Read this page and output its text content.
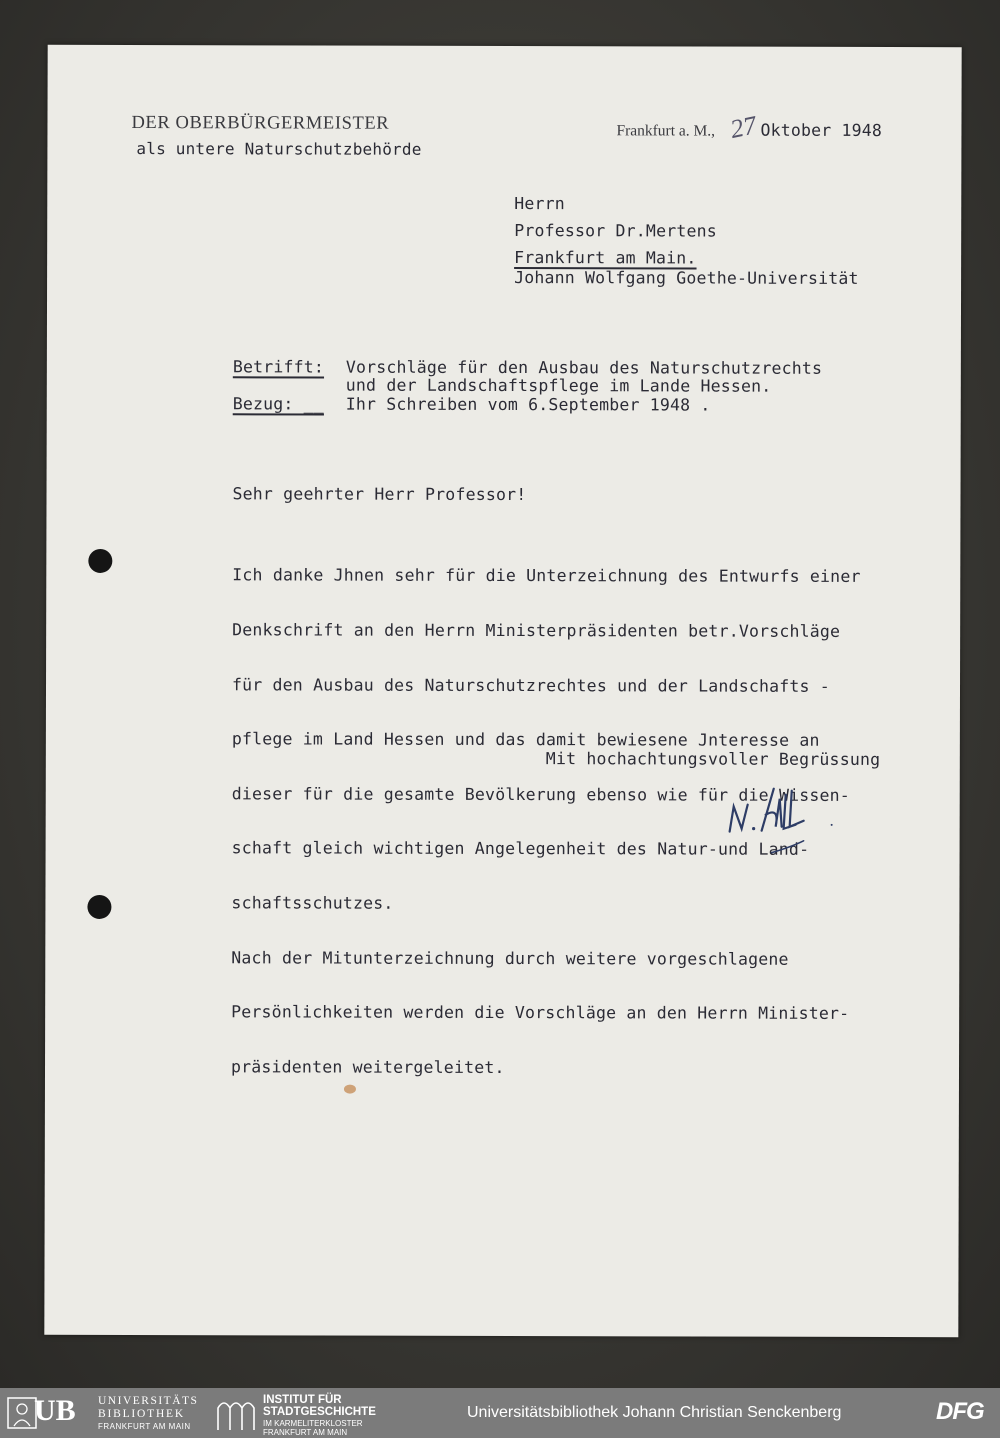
DER OBERBÜRGERMEISTER
als untere Naturschutzbehörde
Frankfurt a. M., 27 Oktober 1948
Herrn
Professor Dr.Mertens
Frankfurt am Main.
Johann Wolfgang Goethe-Universität
Betrifft: Vorschläge für den Ausbau des Naturschutzrechts
und der Landschaftspflege im Lande Hessen.
Bezug: __ Ihr Schreiben vom 6.September 1948 .
Sehr geehrter Herr Professor!

Ich danke Jhnen sehr für die Unterzeichnung des Entwurfs einer

Denkschrift an den Herrn Ministerpräsidenten betr.Vorschläge

für den Ausbau des Naturschutzrechtes und der Landschafts -

pflege im Land Hessen und das damit bewiesene Jnteresse an

dieser für die gesamte Bevölkerung ebenso wie für die Wissen-

schaft gleich wichtigen Angelegenheit des Natur-und Land-

schaftsschutzes.

Nach der Mitunterzeichnung durch weitere vorgeschlagene

Persönlichkeiten werden die Vorschläge an den Herrn Minister-

präsidenten weitergeleitet.

Mit hochachtungsvoller Begrüssung
UB UNIVERSITÄTS
BIBLIOTHEK
FRANKFURT AM MAIN
INSTITUT FÜR
STADTGESCHICHTE
IM KARMELITERKLOSTER
FRANKFURT AM MAIN
Universitätsbibliothek Johann Christian Senckenberg	DFG
